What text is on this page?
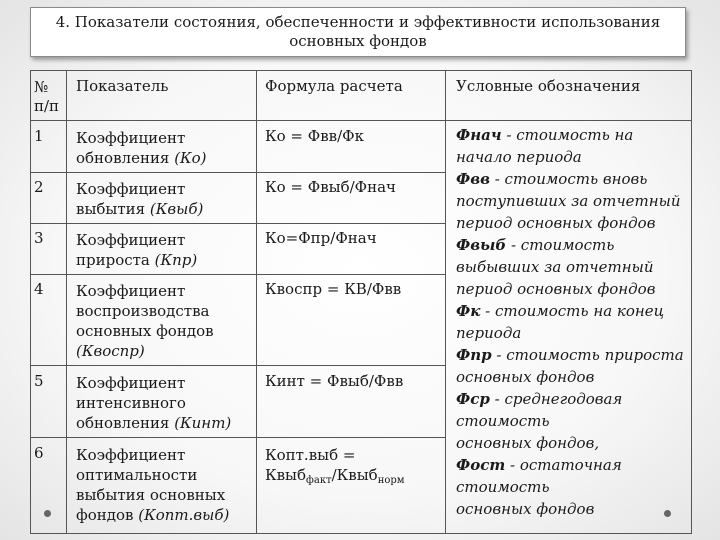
4. Показатели состояния, обеспеченности и эффективности использования
основных фондов
№
п/п
Показатель	Формула расчета	Условные обозначения
1 Коэффициент
обновления (Ко)
Ко = Фвв/Фк
2 Коэффициент
выбытия (Квыб)
Ко = Фвыб/Фнач
3 Коэффициент
прироста (Кпр)
Ко=Фпр/Фнач
4 Коэффициент
воспроизводства
основных фондов
(Квоспр)
Квоспр = КВ/Фвв
5 Коэффициент
интенсивного
обновления (Кинт)
Кинт = Фвыб/Фвв
6 Коэффициент
оптимальности
выбытия основных
фондов (Копт.выб)
Копт.выб =
Квыб$_{факт}$/Квыб$_{норм}$
Фнач - стоимость на
начало периода
Фвв - стоимость вновь
поступивших за отчетный
период основных фондов
Фвыб - стоимость
выбывших за отчетный
период основных фондов
Фк - стоимость на конец
периода
Фпр - стоимость прироста
основных фондов
Фср - среднегодовая
стоимость
основных фондов,
Фост - остаточная
стоимость
основных фондов
